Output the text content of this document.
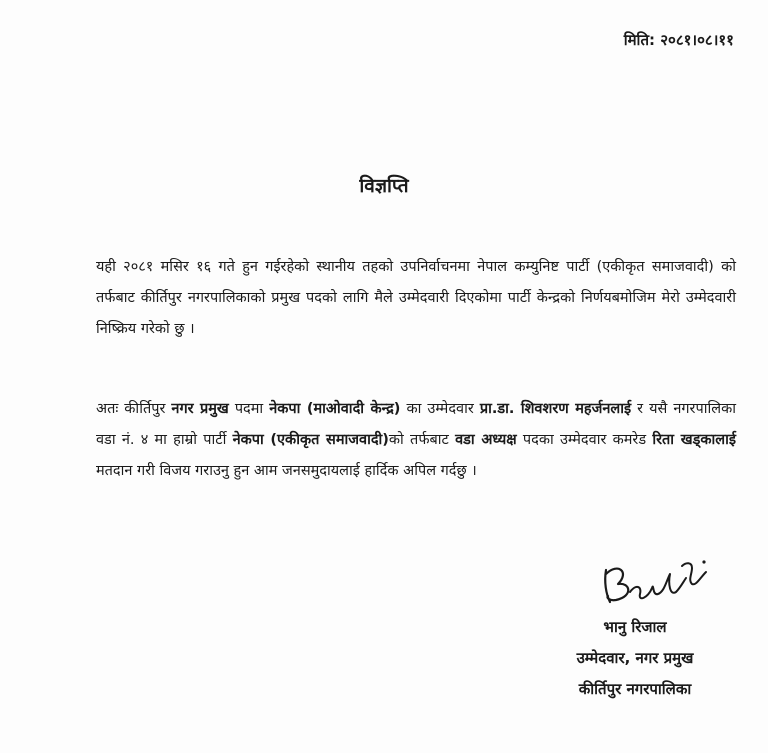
मिति: २०८१।०८।११
विज्ञप्ति
यही २०८१ मसिर १६ गते हुन गईरहेको स्थानीय तहको उपनिर्वाचनमा नेपाल कम्युनिष्ट पार्टी (एकीकृत समाजवादी) को तर्फबाट कीर्तिपुर नगरपालिकाको प्रमुख पदको लागि मैले उम्मेदवारी दिएकोमा पार्टी केन्द्रको निर्णयबमोजिम मेरो उम्मेदवारी निष्क्रिय गरेको छु ।
अतः कीर्तिपुर नगर प्रमुख पदमा नेकपा (माओवादी केन्द्र) का उम्मेदवार प्रा.डा. शिवशरण महर्जनलाई र यसै नगरपालिका वडा नं. ४ मा हाम्रो पार्टी नेकपा (एकीकृत समाजवादी)को तर्फबाट वडा अध्यक्ष पदका उम्मेदवार कमरेड रिता खड्कालाई मतदान गरी विजय गराउनु हुन आम जनसमुदायलाई हार्दिक अपिल गर्दछु ।
भानु रिजाल
उम्मेदवार, नगर प्रमुख
कीर्तिपुर नगरपालिका
